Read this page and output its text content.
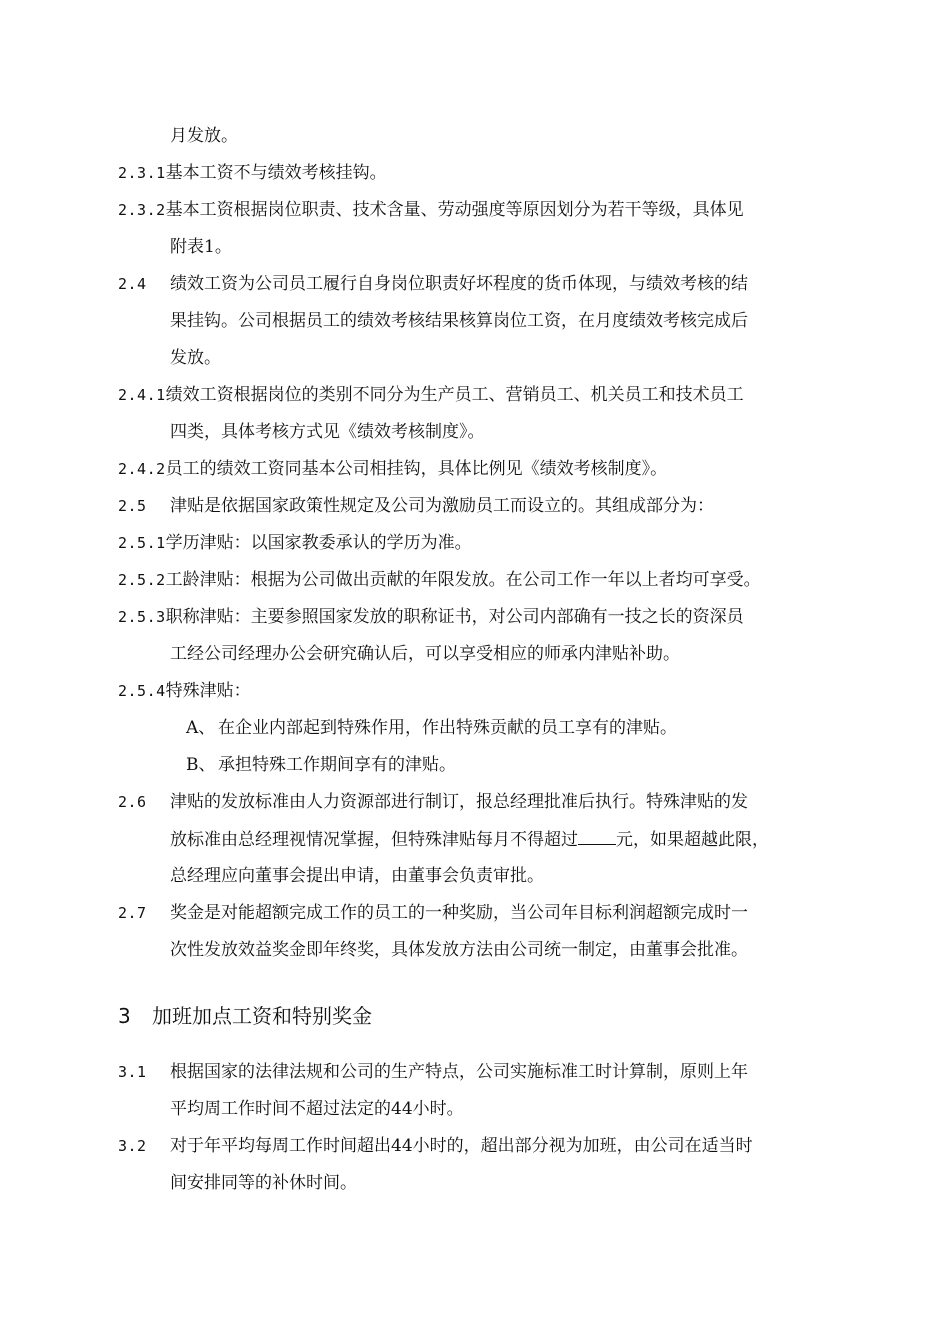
月发放。
2.3.1基本工资不与绩效考核挂钩。
2.3.2基本工资根据岗位职责、技术含量、劳动强度等原因划分为若干等级，具体见
附表1。
2.4 绩效工资为公司员工履行自身岗位职责好坏程度的货币体现，与绩效考核的结
果挂钩。公司根据员工的绩效考核结果核算岗位工资，在月度绩效考核完成后
发放。
2.4.1绩效工资根据岗位的类别不同分为生产员工、营销员工、机关员工和技术员工
四类，具体考核方式见《绩效考核制度》。
2.4.2员工的绩效工资同基本公司相挂钩，具体比例见《绩效考核制度》。
2.5 津贴是依据国家政策性规定及公司为激励员工而设立的。其组成部分为：
2.5.1学历津贴：以国家教委承认的学历为准。
2.5.2工龄津贴：根据为公司做出贡献的年限发放。在公司工作一年以上者均可享受。
2.5.3职称津贴：主要参照国家发放的职称证书，对公司内部确有一技之长的资深员
工经公司经理办公会研究确认后，可以享受相应的师承内津贴补助。
2.5.4特殊津贴：
A、 在企业内部起到特殊作用，作出特殊贡献的员工享有的津贴。
B、 承担特殊工作期间享有的津贴。
2.6 津贴的发放标准由人力资源部进行制订，报总经理批准后执行。特殊津贴的发
放标准由总经理视情况掌握，但特殊津贴每月不得超过 元，如果超越此限，
总经理应向董事会提出申请，由董事会负责审批。
2.7 奖金是对能超额完成工作的员工的一种奖励，当公司年目标利润超额完成时一
次性发放效益奖金即年终奖，具体发放方法由公司统一制定，由董事会批准。
3 加班加点工资和特别奖金
3.1 根据国家的法律法规和公司的生产特点，公司实施标准工时计算制，原则上年
平均周工作时间不超过法定的44小时。
3.2 对于年平均每周工作时间超出44小时的，超出部分视为加班，由公司在适当时
间安排同等的补休时间。
